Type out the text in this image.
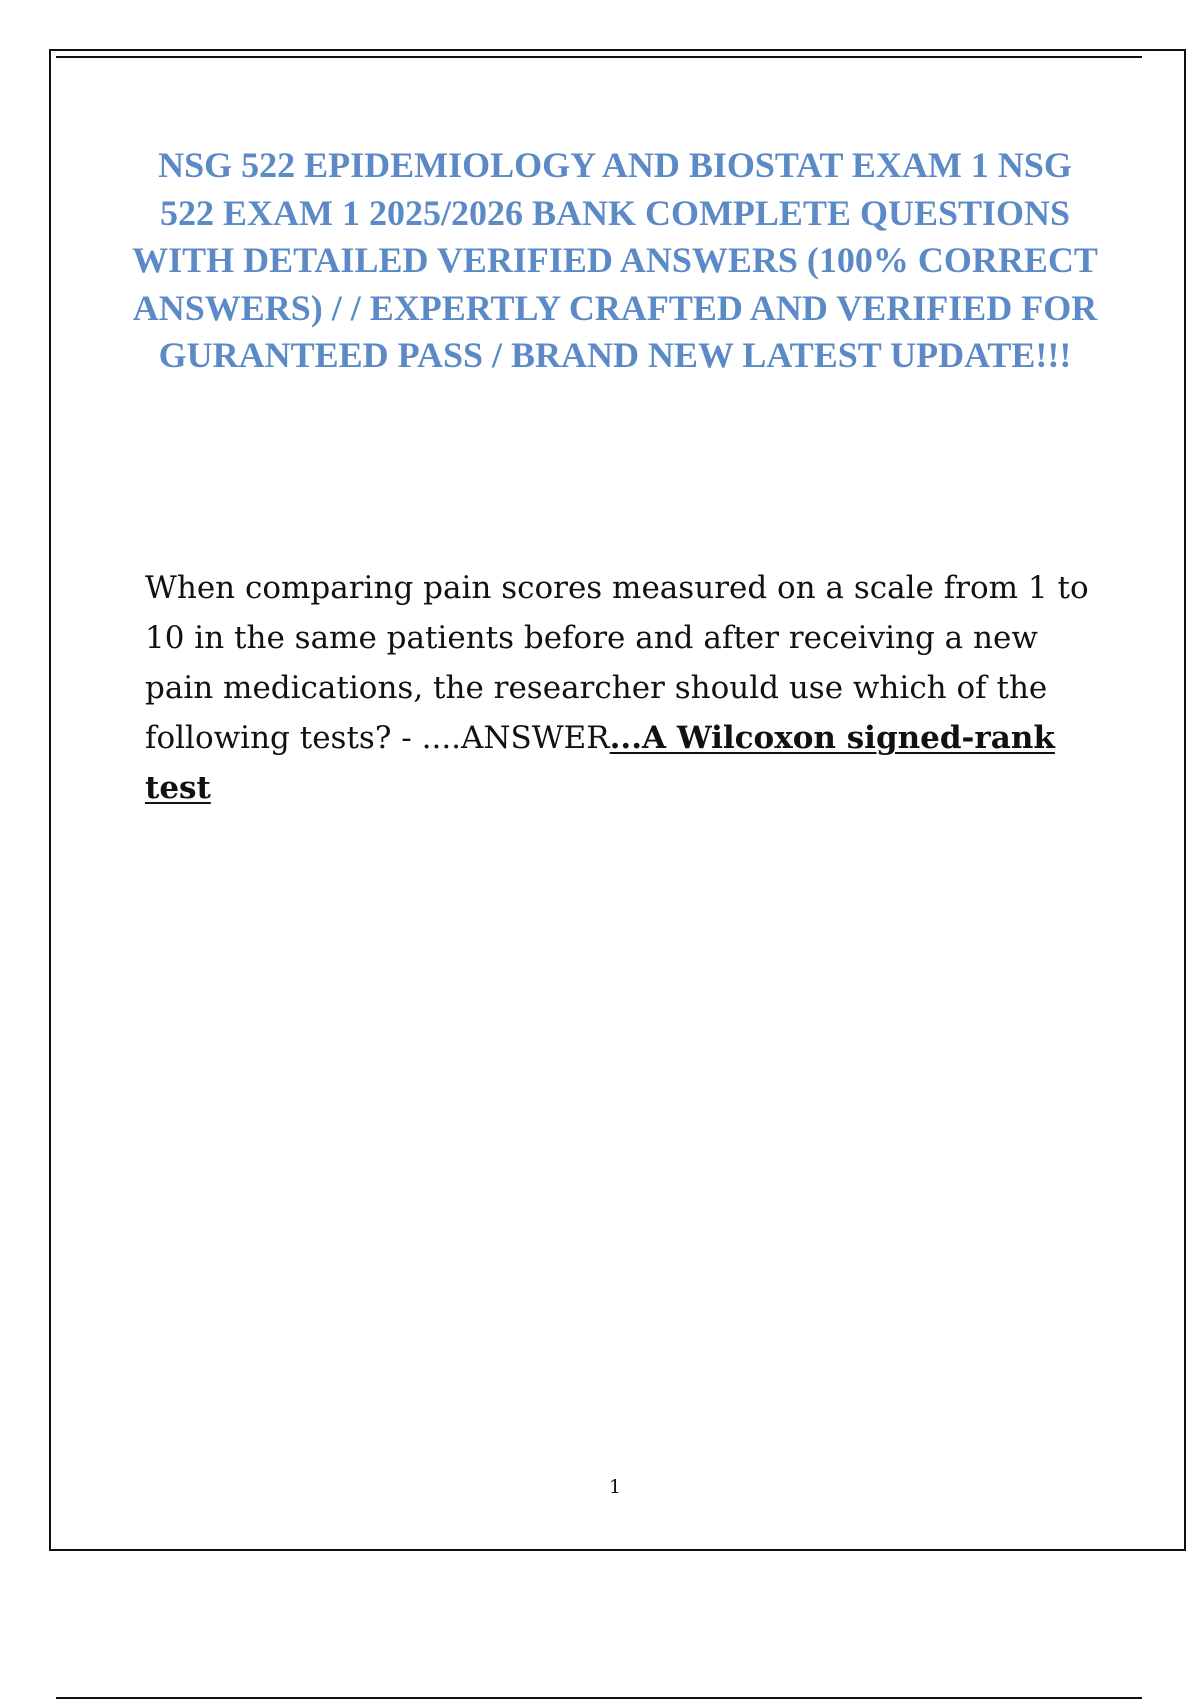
NSG 522 EPIDEMIOLOGY AND BIOSTAT EXAM 1 NSG 522 EXAM 1 2025/2026 BANK COMPLETE QUESTIONS WITH DETAILED VERIFIED ANSWERS (100% CORRECT ANSWERS) / / EXPERTLY CRAFTED AND VERIFIED FOR GURANTEED PASS / BRAND NEW LATEST UPDATE!!!

When comparing pain scores measured on a scale from 1 to 10 in the same patients before and after receiving a new pain medications, the researcher should use which of the following tests? - ....ANSWER...A Wilcoxon signed-rank test

1
